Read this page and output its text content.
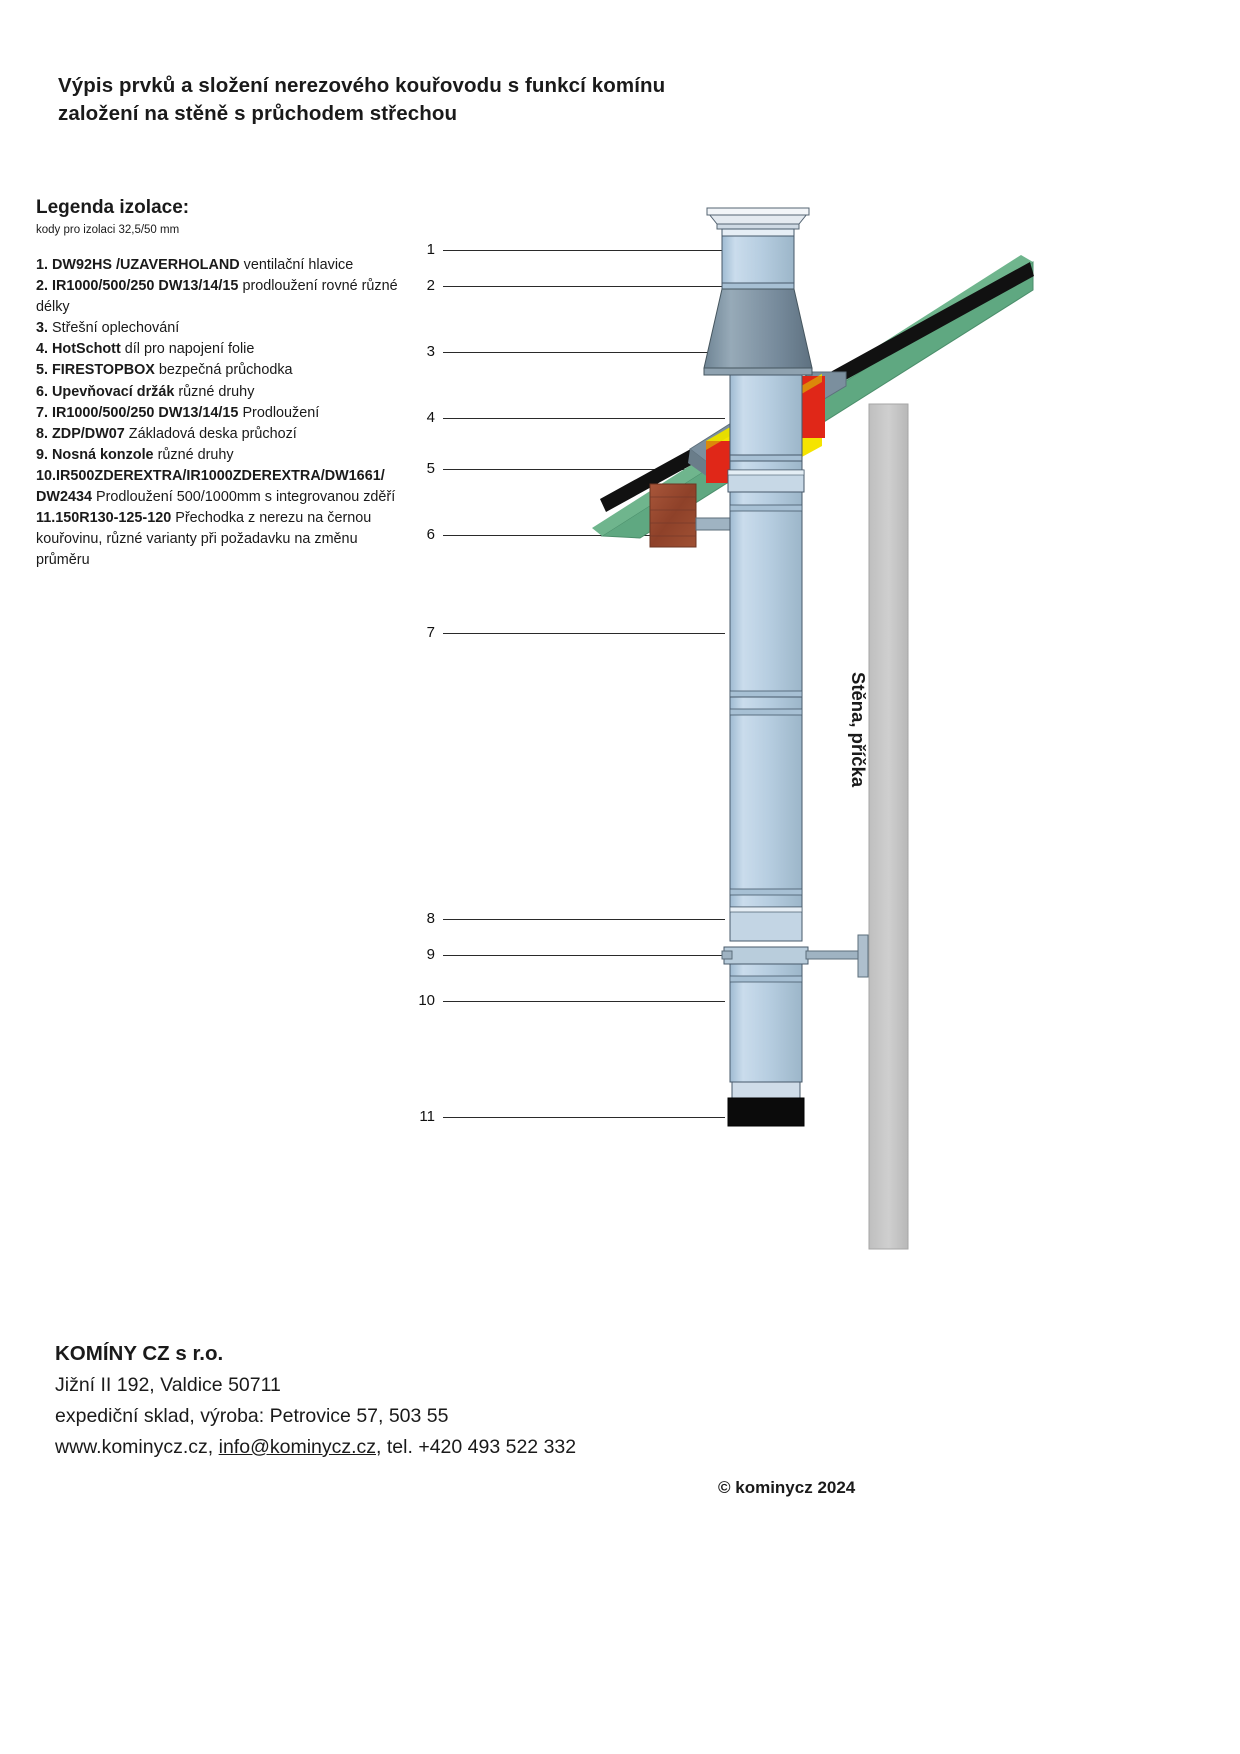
Výpis prvků a složení nerezového kouřovodu s funkcí komínu
založení na stěně s průchodem střechou
Legenda izolace:
kody pro izolaci 32,5/50 mm
1. DW92HS /UZAVERHOLAND ventilační hlavice
2. IR1000/500/250 DW13/14/15 prodloužení rovné různé délky
3. Střešní oplechování
4. HotSchott díl pro napojení folie
5. FIRESTOPBOX bezpečná průchodka
6. Upevňovací držák různé druhy
7. IR1000/500/250 DW13/14/15 Prodloužení
8. ZDP/DW07 Základová deska průchozí
9. Nosná konzole různé druhy
10.IR500ZDEREXTRA/IR1000ZDEREXTRA/DW1661/ DW2434 Prodloužení 500/1000mm s integrovanou zděří
11.150R130-125-120 Přechodka z nerezu na černou kouřovinu, různé varianty při požadavku na změnu průměru
1
2
3
4
5
6
7
8
9
10
11
Stěna, příčka
KOMÍNY CZ s r.o.
Jižní II 192, Valdice 50711
expediční sklad, výroba: Petrovice 57, 503 55
www.kominycz.cz, info@kominycz.cz, tel. +420 493 522 332
© kominycz 2024
